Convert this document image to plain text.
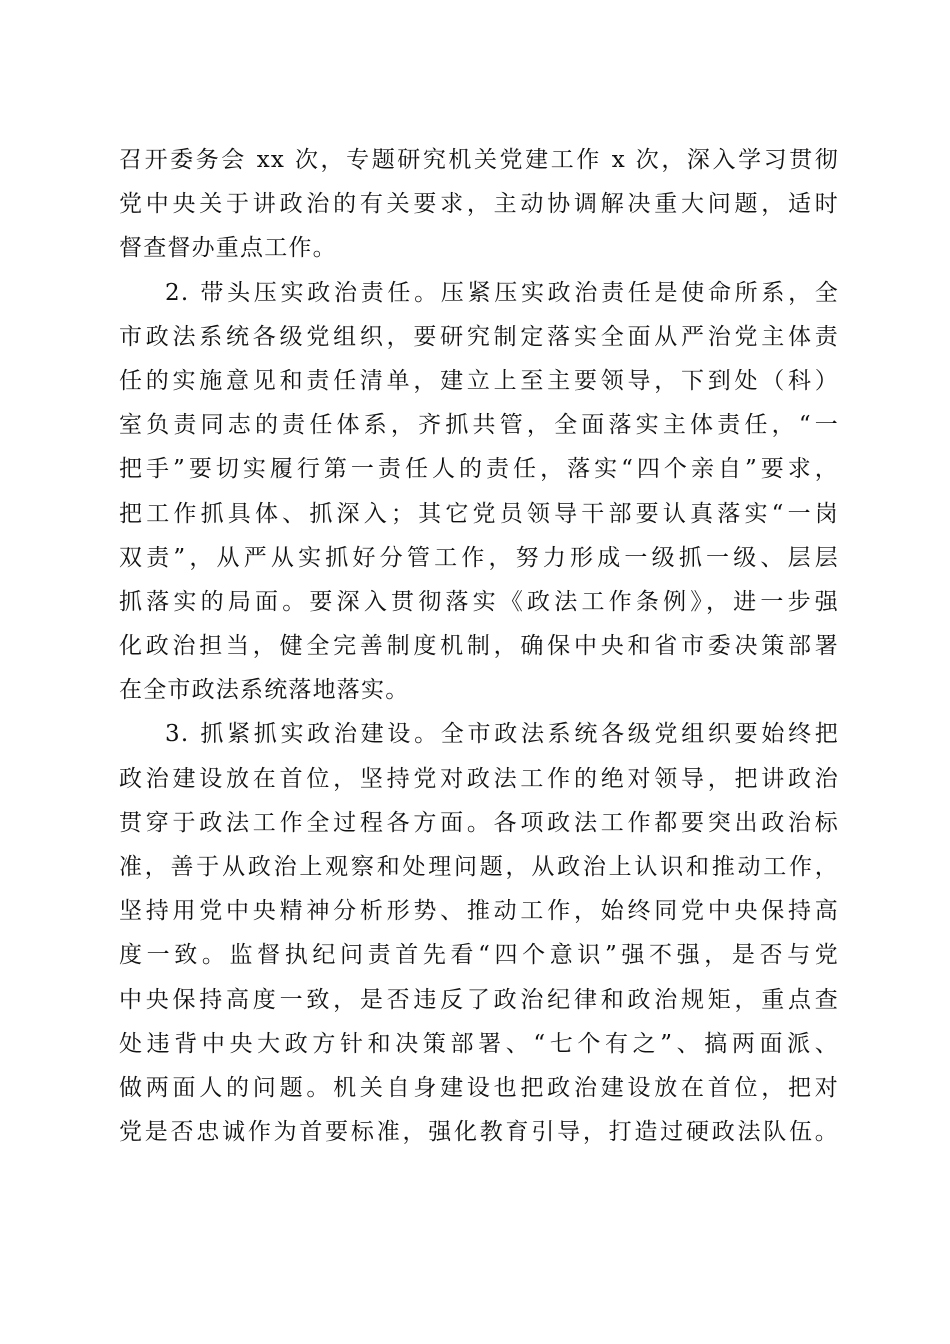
召开委务会 xx 次，专题研究机关党建工作 x 次，深入学习贯彻
党中央关于讲政治的有关要求，主动协调解决重大问题，适时
督查督办重点工作。
2. 带头压实政治责任。压紧压实政治责任是使命所系，全
市政法系统各级党组织，要研究制定落实全面从严治党主体责
任的实施意见和责任清单，建立上至主要领导，下到处（科）
室负责同志的责任体系，齐抓共管，全面落实主体责任，“一
把手”要切实履行第一责任人的责任，落实“四个亲自”要求，
把工作抓具体、抓深入；其它党员领导干部要认真落实“一岗
双责”，从严从实抓好分管工作，努力形成一级抓一级、层层
抓落实的局面。要深入贯彻落实《政法工作条例》，进一步强
化政治担当，健全完善制度机制，确保中央和省市委决策部署
在全市政法系统落地落实。
3. 抓紧抓实政治建设。全市政法系统各级党组织要始终把
政治建设放在首位，坚持党对政法工作的绝对领导，把讲政治
贯穿于政法工作全过程各方面。各项政法工作都要突出政治标
准，善于从政治上观察和处理问题，从政治上认识和推动工作，
坚持用党中央精神分析形势、推动工作，始终同党中央保持高
度一致。监督执纪问责首先看“四个意识”强不强，是否与党
中央保持高度一致，是否违反了政治纪律和政治规矩，重点查
处违背中央大政方针和决策部署、“七个有之”、搞两面派、
做两面人的问题。机关自身建设也把政治建设放在首位，把对
党是否忠诚作为首要标准，强化教育引导，打造过硬政法队伍。
